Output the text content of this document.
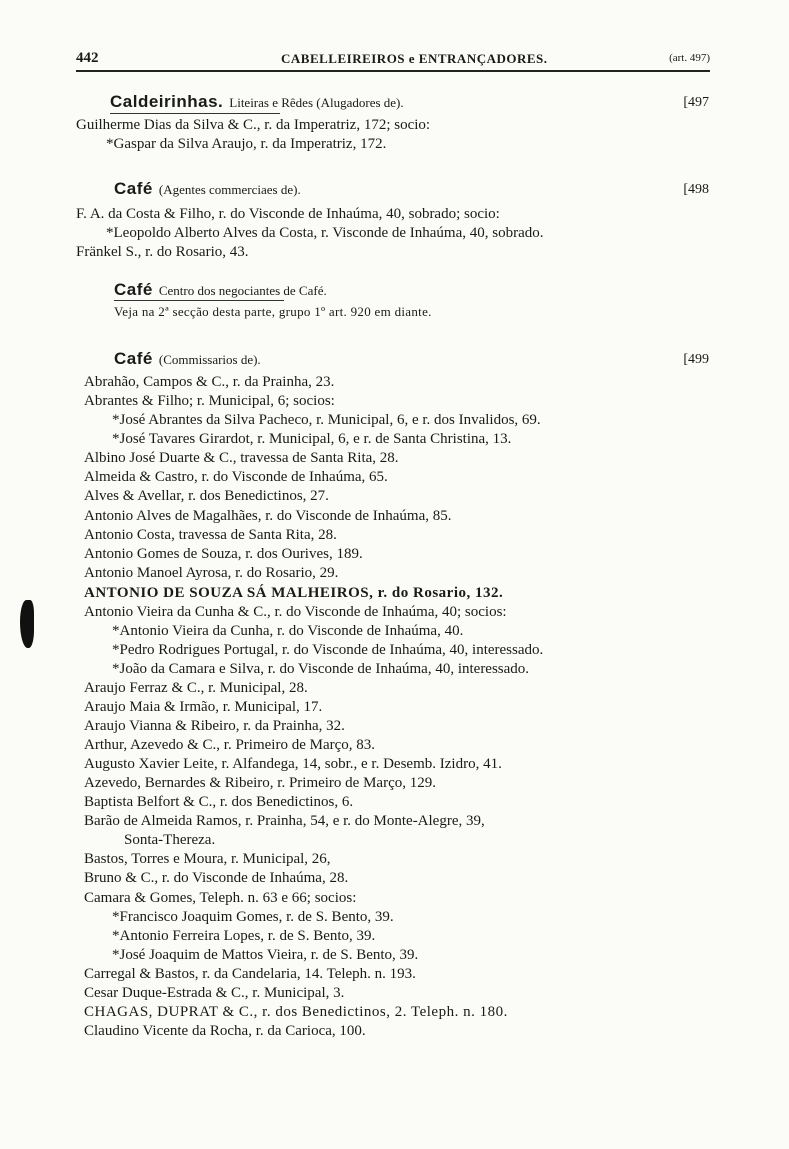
442	CABELLEIREIROS e ENTRANÇADORES.	(art. 497)
Caldeirinhas. Liteiras e Rêdes (Alugadores de).	[497
Guilherme Dias da Silva & C., r. da Imperatriz, 172; socio:
*Gaspar da Silva Araujo, r. da Imperatriz, 172.
Café (Agentes commerciaes de).	[498
F. A. da Costa & Filho, r. do Visconde de Inhaúma, 40, sobrado; socio:
*Leopoldo Alberto Alves da Costa, r. Visconde de Inhaúma, 40, sobrado.
Fränkel S., r. do Rosario, 43.
Café Centro dos negociantes de Café.
Veja na 2ª secção desta parte, grupo 1º art. 920 em diante.
Café (Commissarios de).	[499
Abrahão, Campos & C., r. da Prainha, 23.
Abrantes & Filho; r. Municipal, 6; socios:
*José Abrantes da Silva Pacheco, r. Municipal, 6, e r. dos Invalidos, 69.
*José Tavares Girardot, r. Municipal, 6, e r. de Santa Christina, 13.
Albino José Duarte & C., travessa de Santa Rita, 28.
Almeida & Castro, r. do Visconde de Inhaúma, 65.
Alves & Avellar, r. dos Benedictinos, 27.
Antonio Alves de Magalhães, r. do Visconde de Inhaúma, 85.
Antonio Costa, travessa de Santa Rita, 28.
Antonio Gomes de Souza, r. dos Ourives, 189.
Antonio Manoel Ayrosa, r. do Rosario, 29.
ANTONIO DE SOUZA SÁ MALHEIROS, r. do Rosario, 132.
Antonio Vieira da Cunha & C., r. do Visconde de Inhaúma, 40; socios:
*Antonio Vieira da Cunha, r. do Visconde de Inhaúma, 40.
*Pedro Rodrigues Portugal, r. do Visconde de Inhaúma, 40, interessado.
*João da Camara e Silva, r. do Visconde de Inhaúma, 40, interessado.
Araujo Ferraz & C., r. Municipal, 28.
Araujo Maia & Irmão, r. Municipal, 17.
Araujo Vianna & Ribeiro, r. da Prainha, 32.
Arthur, Azevedo & C., r. Primeiro de Março, 83.
Augusto Xavier Leite, r. Alfandega, 14, sobr., e r. Desemb. Izidro, 41.
Azevedo, Bernardes & Ribeiro, r. Primeiro de Março, 129.
Baptista Belfort & C., r. dos Benedictinos, 6.
Barão de Almeida Ramos, r. Prainha, 54, e r. do Monte-Alegre, 39,
Sonta-Thereza.
Bastos, Torres e Moura, r. Municipal, 26,
Bruno & C., r. do Visconde de Inhaúma, 28.
Camara & Gomes, Teleph. n. 63 e 66; socios:
*Francisco Joaquim Gomes, r. de S. Bento, 39.
*Antonio Ferreira Lopes, r. de S. Bento, 39.
*José Joaquim de Mattos Vieira, r. de S. Bento, 39.
Carregal & Bastos, r. da Candelaria, 14. Teleph. n. 193.
Cesar Duque-Estrada & C., r. Municipal, 3.
CHAGAS, DUPRAT & C., r. dos Benedictinos, 2. Teleph. n. 180.
Claudino Vicente da Rocha, r. da Carioca, 100.
